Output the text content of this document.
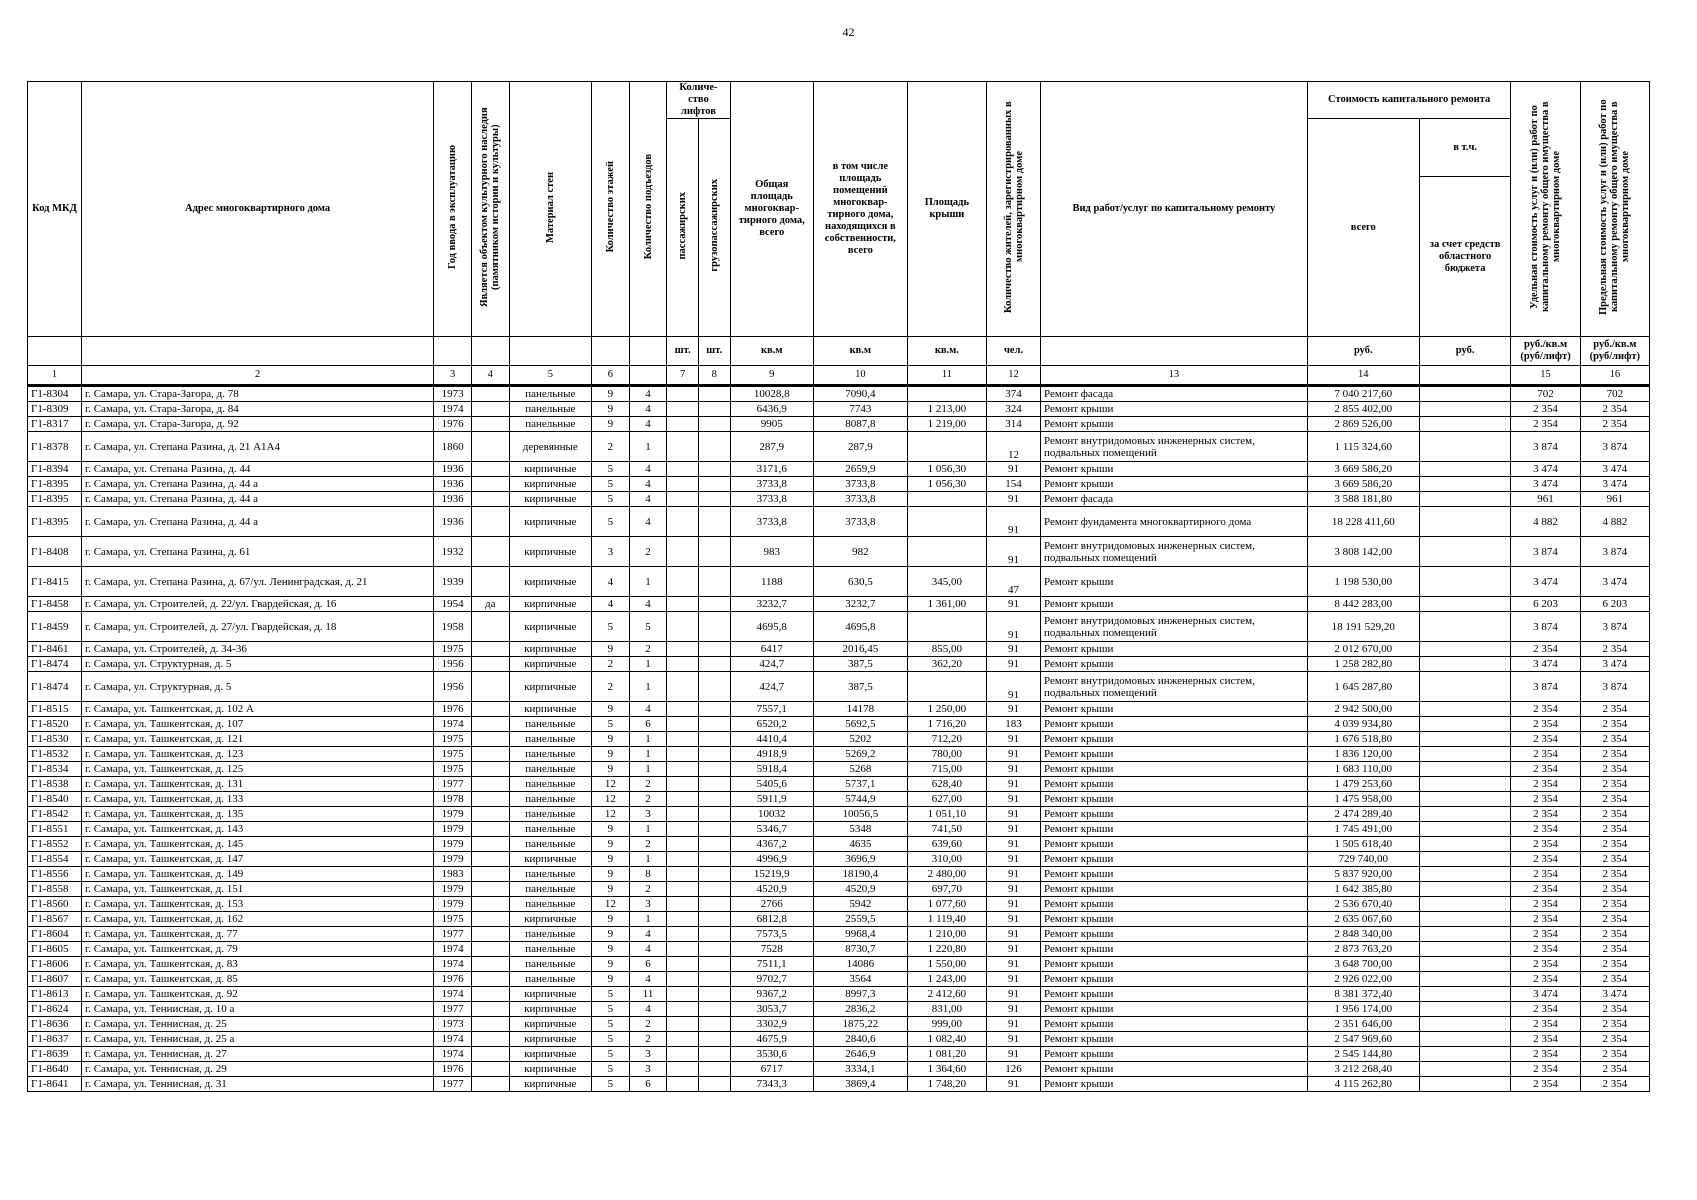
42
Код МКД	Адрес многоквартирного дома	Год ввода в эксплуатацию	Является объектом культурного наследия (памятником истории и культуры)	Материал стен	Количество этажей	Количество подъездов	Количе-ство лифтов		Общая площадь многоквар-тирного дома, всего	в том числе площадь помещений многоквар-тирного дома, находящихся в собственности, всего	Площадь крыши	Количество жителей, зарегистрированных в многоквартирном доме	Вид работ/услуг по капитальному ремонту	Стоимость капитального ремонта		Удельная стоимость услуг и (или) работ по капитальному ремонту общего имущества в многоквартирном доме	Предельная стоимость услуг и (или) работ по капитальному ремонту общего имущества в многоквартирном доме
							пассажирских	грузопассажирских						всего	в т.ч.		
															за счет средств областного бюджета		
							шт.	шт.	кв.м	кв.м	кв.м.	чел.		руб.	руб.	руб./кв.м (руб/лифт)	руб./кв.м (руб/лифт)
1	2	3	4	5	6		7	8	9	10	11	12	13	14		15	16
Г1-8304	г. Самара, ул. Стара-Загора, д. 78	1973		панельные	9	4			10028,8	7090,4		374	Ремонт фасада	7 040 217,60		702	702
Г1-8309	г. Самара, ул. Стара-Загора, д. 84	1974		панельные	9	4			6436,9	7743	1 213,00	324	Ремонт крыши	2 855 402,00		2 354	2 354
Г1-8317	г. Самара, ул. Стара-Загора, д. 92	1976		панельные	9	4			9905	8087,8	1 219,00	314	Ремонт крыши	2 869 526,00		2 354	2 354
Г1-8378	г. Самара, ул. Степана Разина, д. 21 А1А4	1860		деревянные	2	1			287,9	287,9		12	Ремонт внутридомовых инженерных систем, подвальных помещений	1 115 324,60		3 874	3 874
Г1-8394	г. Самара, ул. Степана Разина, д. 44	1936		кирпичные	5	4			3171,6	2659,9	1 056,30	91	Ремонт крыши	3 669 586,20		3 474	3 474
Г1-8395	г. Самара, ул. Степана Разина, д. 44 а	1936		кирпичные	5	4			3733,8	3733,8	1 056,30	154	Ремонт крыши	3 669 586,20		3 474	3 474
Г1-8395	г. Самара, ул. Степана Разина, д. 44 а	1936		кирпичные	5	4			3733,8	3733,8		91	Ремонт фасада	3 588 181,80		961	961
Г1-8395	г. Самара, ул. Степана Разина, д. 44 а	1936		кирпичные	5	4			3733,8	3733,8		91	Ремонт фундамента многоквартирного дома	18 228 411,60		4 882	4 882
Г1-8408	г. Самара, ул. Степана Разина, д. 61	1932		кирпичные	3	2			983	982		91	Ремонт внутридомовых инженерных систем, подвальных помещений	3 808 142,00		3 874	3 874
Г1-8415	г. Самара, ул. Степана Разина, д. 67/ул. Ленинградская, д. 21	1939		кирпичные	4	1			1188	630,5	345,00	47	Ремонт крыши	1 198 530,00		3 474	3 474
Г1-8458	г. Самара, ул. Строителей, д. 22/ул. Гвардейская, д. 16	1954	да	кирпичные	4	4			3232,7	3232,7	1 361,00	91	Ремонт крыши	8 442 283,00		6 203	6 203
Г1-8459	г. Самара, ул. Строителей, д. 27/ул. Гвардейская, д. 18	1958		кирпичные	5	5			4695,8	4695,8		91	Ремонт внутридомовых инженерных систем, подвальных помещений	18 191 529,20		3 874	3 874
Г1-8461	г. Самара, ул. Строителей, д. 34-36	1975		кирпичные	9	2			6417	2016,45	855,00	91	Ремонт крыши	2 012 670,00		2 354	2 354
Г1-8474	г. Самара, ул. Структурная, д. 5	1956		кирпичные	2	1			424,7	387,5	362,20	91	Ремонт крыши	1 258 282,80		3 474	3 474
Г1-8474	г. Самара, ул. Структурная, д. 5	1956		кирпичные	2	1			424,7	387,5		91	Ремонт внутридомовых инженерных систем, подвальных помещений	1 645 287,80		3 874	3 874
Г1-8515	г. Самара, ул. Ташкентская, д. 102 А	1976		кирпичные	9	4			7557,1	14178	1 250,00	91	Ремонт крыши	2 942 500,00		2 354	2 354
Г1-8520	г. Самара, ул. Ташкентская, д. 107	1974		панельные	5	6			6520,2	5692,5	1 716,20	183	Ремонт крыши	4 039 934,80		2 354	2 354
Г1-8530	г. Самара, ул. Ташкентская, д. 121	1975		панельные	9	1			4410,4	5202	712,20	91	Ремонт крыши	1 676 518,80		2 354	2 354
Г1-8532	г. Самара, ул. Ташкентская, д. 123	1975		панельные	9	1			4918,9	5269,2	780,00	91	Ремонт крыши	1 836 120,00		2 354	2 354
Г1-8534	г. Самара, ул. Ташкентская, д. 125	1975		панельные	9	1			5918,4	5268	715,00	91	Ремонт крыши	1 683 110,00		2 354	2 354
Г1-8538	г. Самара, ул. Ташкентская, д. 131	1977		панельные	12	2			5405,6	5737,1	628,40	91	Ремонт крыши	1 479 253,60		2 354	2 354
Г1-8540	г. Самара, ул. Ташкентская, д. 133	1978		панельные	12	2			5911,9	5744,9	627,00	91	Ремонт крыши	1 475 958,00		2 354	2 354
Г1-8542	г. Самара, ул. Ташкентская, д. 135	1979		панельные	12	3			10032	10056,5	1 051,10	91	Ремонт крыши	2 474 289,40		2 354	2 354
Г1-8551	г. Самара, ул. Ташкентская, д. 143	1979		панельные	9	1			5346,7	5348	741,50	91	Ремонт крыши	1 745 491,00		2 354	2 354
Г1-8552	г. Самара, ул. Ташкентская, д. 145	1979		панельные	9	2			4367,2	4635	639,60	91	Ремонт крыши	1 505 618,40		2 354	2 354
Г1-8554	г. Самара, ул. Ташкентская, д. 147	1979		кирпичные	9	1			4996,9	3696,9	310,00	91	Ремонт крыши	729 740,00		2 354	2 354
Г1-8556	г. Самара, ул. Ташкентская, д. 149	1983		панельные	9	8			15219,9	18190,4	2 480,00	91	Ремонт крыши	5 837 920,00		2 354	2 354
Г1-8558	г. Самара, ул. Ташкентская, д. 151	1979		панельные	9	2			4520,9	4520,9	697,70	91	Ремонт крыши	1 642 385,80		2 354	2 354
Г1-8560	г. Самара, ул. Ташкентская, д. 153	1979		панельные	12	3			2766	5942	1 077,60	91	Ремонт крыши	2 536 670,40		2 354	2 354
Г1-8567	г. Самара, ул. Ташкентская, д. 162	1975		кирпичные	9	1			6812,8	2559,5	1 119,40	91	Ремонт крыши	2 635 067,60		2 354	2 354
Г1-8604	г. Самара, ул. Ташкентская, д. 77	1977		панельные	9	4			7573,5	9968,4	1 210,00	91	Ремонт крыши	2 848 340,00		2 354	2 354
Г1-8605	г. Самара, ул. Ташкентская, д. 79	1974		панельные	9	4			7528	8730,7	1 220,80	91	Ремонт крыши	2 873 763,20		2 354	2 354
Г1-8606	г. Самара, ул. Ташкентская, д. 83	1974		панельные	9	6			7511,1	14086	1 550,00	91	Ремонт крыши	3 648 700,00		2 354	2 354
Г1-8607	г. Самара, ул. Ташкентская, д. 85	1976		панельные	9	4			9702,7	3564	1 243,00	91	Ремонт крыши	2 926 022,00		2 354	2 354
Г1-8613	г. Самара, ул. Ташкентская, д. 92	1974		кирпичные	5	11			9367,2	8997,3	2 412,60	91	Ремонт крыши	8 381 372,40		3 474	3 474
Г1-8624	г. Самара, ул. Теннисная, д. 10 а	1977		кирпичные	5	4			3053,7	2836,2	831,00	91	Ремонт крыши	1 956 174,00		2 354	2 354
Г1-8636	г. Самара, ул. Теннисная, д. 25	1973		кирпичные	5	2			3302,9	1875,22	999,00	91	Ремонт крыши	2 351 646,00		2 354	2 354
Г1-8637	г. Самара, ул. Теннисная, д. 25 а	1974		кирпичные	5	2			4675,9	2840,6	1 082,40	91	Ремонт крыши	2 547 969,60		2 354	2 354
Г1-8639	г. Самара, ул. Теннисная, д. 27	1974		кирпичные	5	3			3530,6	2646,9	1 081,20	91	Ремонт крыши	2 545 144,80		2 354	2 354
Г1-8640	г. Самара, ул. Теннисная, д. 29	1976		кирпичные	5	3			6717	3334,1	1 364,60	126	Ремонт крыши	3 212 268,40		2 354	2 354
Г1-8641	г. Самара, ул. Теннисная, д. 31	1977		кирпичные	5	6			7343,3	3869,4	1 748,20	91	Ремонт крыши	4 115 262,80		2 354	2 354
